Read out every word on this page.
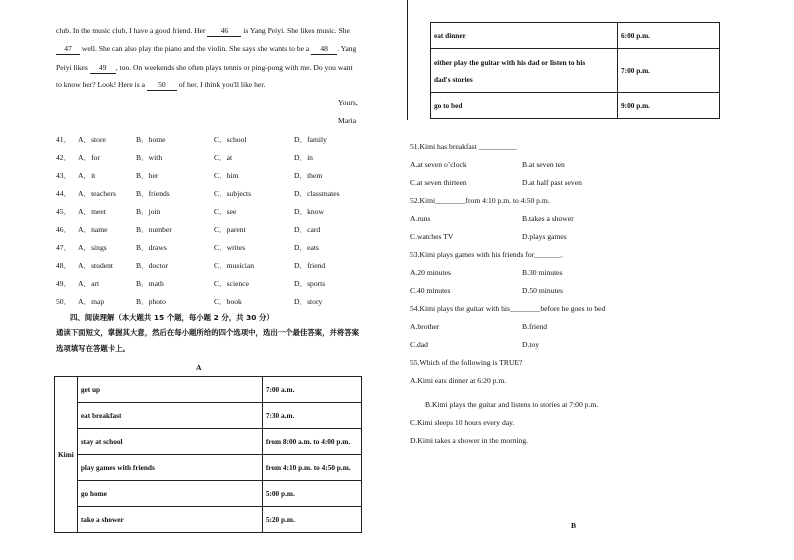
club. In the music club, I have a good friend. Her 46 is Yang Peiyi. She likes music. She
47 well. She can also play the piano and the violin. She says she wants to be a 48 . Yang
Peiyi likes 49 , too. On weekends she often plays tennis or ping-pong with me. Do you want
to know her? Look! Here is a 50 of her. I think you'll like her.
Yours,
Maria
41． A．store	B．home	C．school	D．family
42． A．for	B．with	C．at	D．in
43． A．it	B．her	C．him	D．them
44． A．teachers	B．friends	C．subjects	D．classmates
45． A．meet	B．join	C．see	D．know
46． A．name	B．number	C．parent	D．card
47． A．sings	B．draws	C．writes	D．eats
48． A．student	B．doctor	C．musician	D．friend
49． A．art	B．math	C．science	D．sports
50． A．map	B．photo	C．book	D．story
四、阅读理解（本大题共 15 个题，每小题 2 分，共 30 分）
通读下面短文，掌握其大意，然后在每小题所给的四个选项中，选出一个最佳答案，并将答案
选项填写在答题卡上。
A
Kimi	get up	7:00 a.m.
	eat breakfast	7:30 a.m.
	stay at school	from 8:00 a.m. to 4:00 p.m.
	play games with friends	from 4:10 p.m. to 4:50 p.m.
	go home	5:00 p.m.
	take a shower	5:20 p.m.
eat dinner	6:00 p.m.

either play the guitar with his dad or listen to his
dad's stories	7:00 p.m.
go to bed	9:00 p.m.
51.Kimi has breakfast __________
A.at seven o’clock	B.at seven ten
C.at seven thirteen	D.at half past seven
52.Kimi________from 4:10 p.m. to 4:50 p.m.
A.runs	B.takes a shower
C.watches TV	D.plays games
53.Kimi plays games with his friends for_______.
A.20 minutes	B.30 minutes
C.40 minutes	D.50 minutes
54.Kimi plays the guitar with his________before he goes to bed
A.brother	B.friend
C.dad	D.toy
55.Which of the following is TRUE?
A.Kimi eats dinner at 6:20 p.m.
B.Kimi plays the guitar and listens to stories at 7:00 p.m.
C.Kimi sleeps 10 hours every day.
D.Kimi takes a shower in the morning.
B
